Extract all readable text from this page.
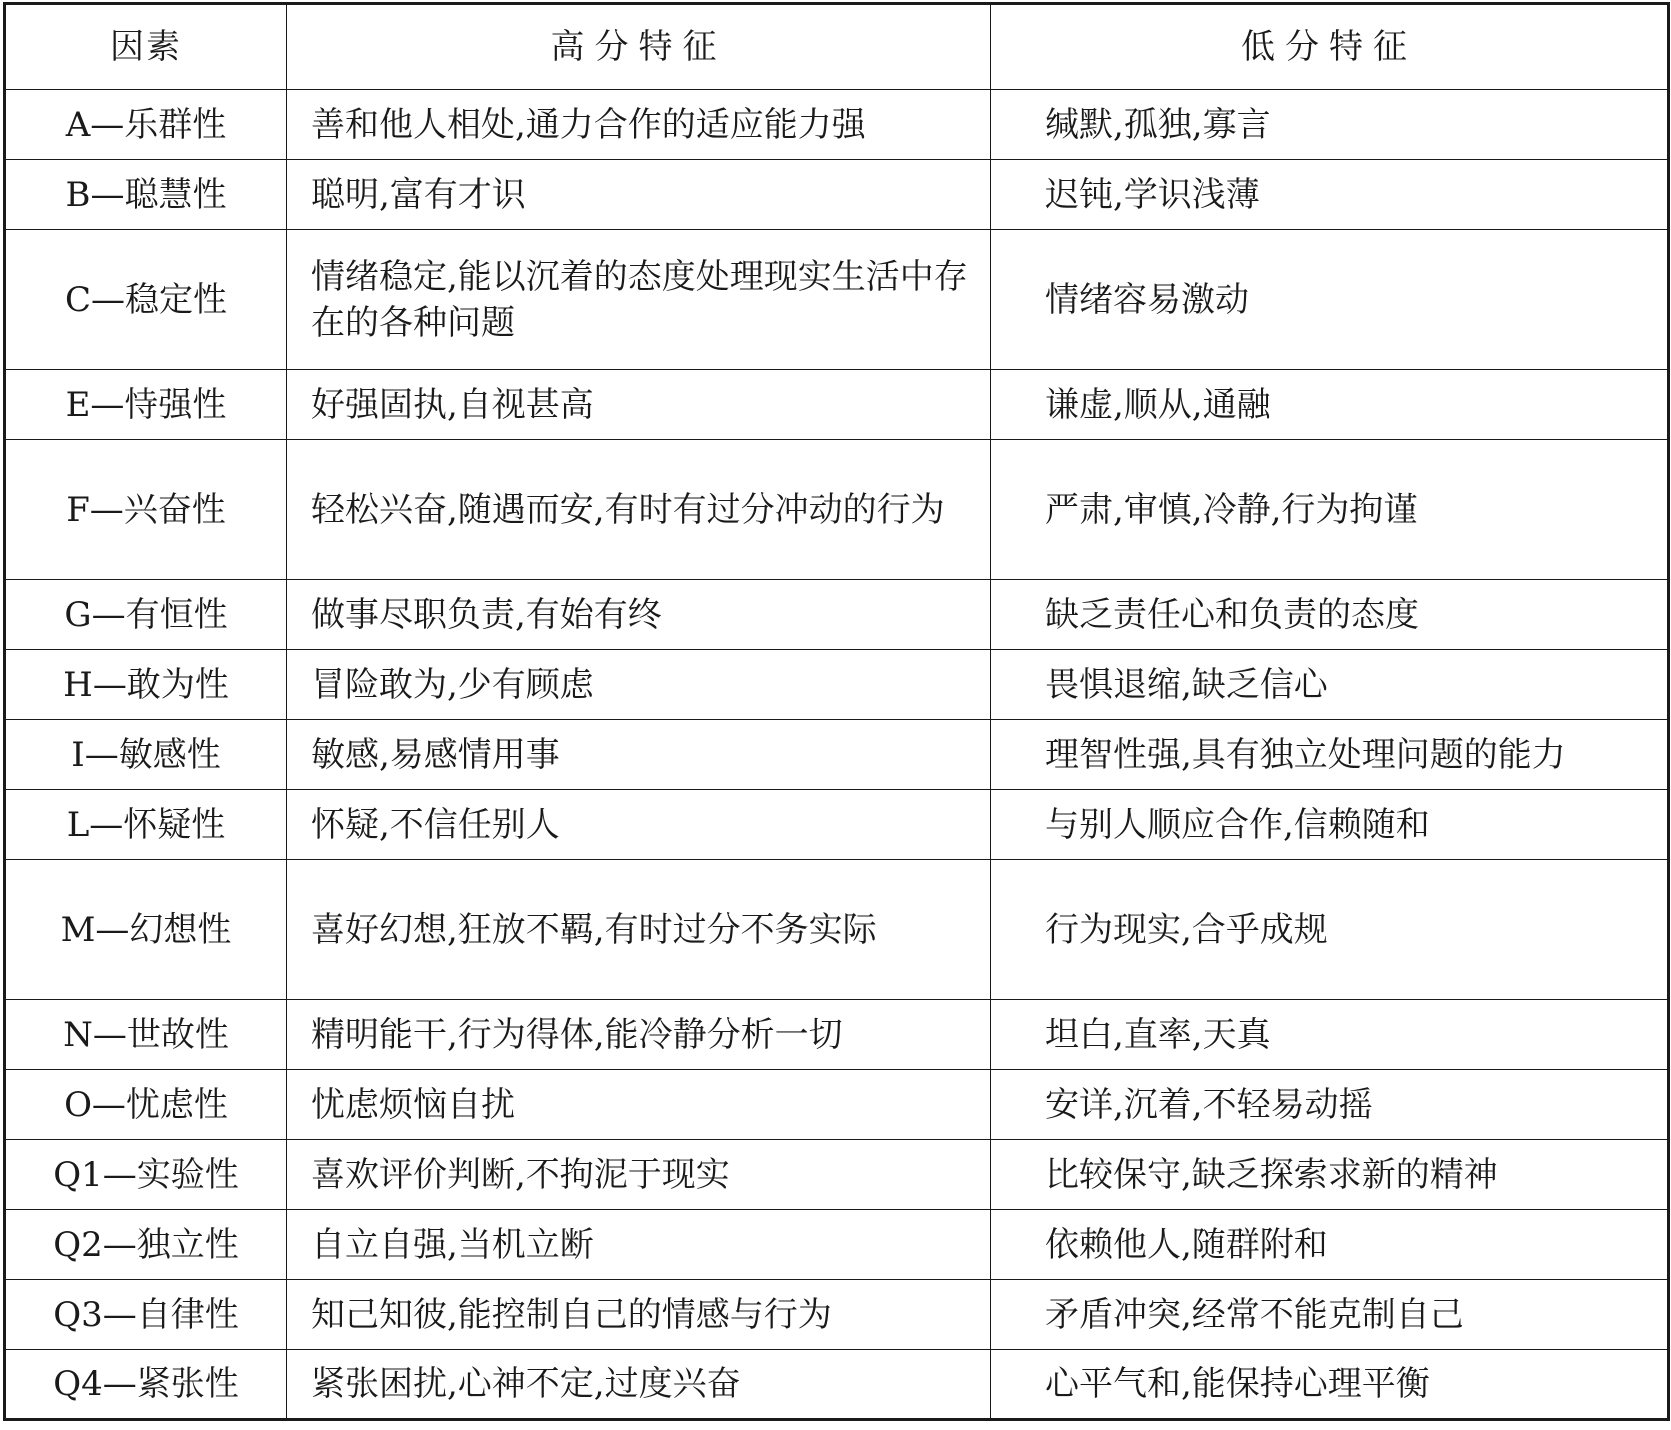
因素	高分特征	低分特征
A—乐群性	善和他人相处,通力合作的适应能力强	缄默,孤独,寡言
B—聪慧性	聪明,富有才识	迟钝,学识浅薄
C—稳定性	情绪稳定,能以沉着的态度处理现实生活中存在的各种问题	情绪容易激动
E—恃强性	好强固执,自视甚高	谦虚,顺从,通融
F—兴奋性	轻松兴奋,随遇而安,有时有过分冲动的行为	严肃,审慎,冷静,行为拘谨
G—有恒性	做事尽职负责,有始有终	缺乏责任心和负责的态度
H—敢为性	冒险敢为,少有顾虑	畏惧退缩,缺乏信心
I—敏感性	敏感,易感情用事	理智性强,具有独立处理问题的能力
L—怀疑性	怀疑,不信任别人	与别人顺应合作,信赖随和
M—幻想性	喜好幻想,狂放不羁,有时过分不务实际	行为现实,合乎成规
N—世故性	精明能干,行为得体,能冷静分析一切	坦白,直率,天真
O—忧虑性	忧虑烦恼自扰	安详,沉着,不轻易动摇
Q1—实验性	喜欢评价判断,不拘泥于现实	比较保守,缺乏探索求新的精神
Q2—独立性	自立自强,当机立断	依赖他人,随群附和
Q3—自律性	知己知彼,能控制自己的情感与行为	矛盾冲突,经常不能克制自己
Q4—紧张性	紧张困扰,心神不定,过度兴奋	心平气和,能保持心理平衡
